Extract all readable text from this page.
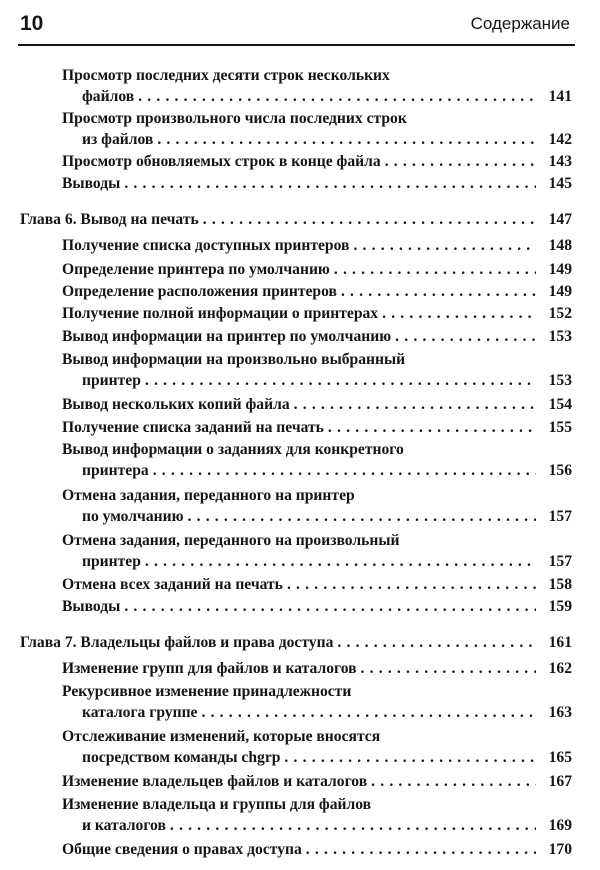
10	Содержание
Просмотр последних десяти строк нескольких
файлов .....	141
Просмотр произвольного числа последних строк
из файлов .....	142
Просмотр обновляемых строк в конце файла .....	143
Выводы .....	145
Глава 6. Вывод на печать .....	147
Получение списка доступных принтеров .....	148
Определение принтера по умолчанию .....	149
Определение расположения принтеров .....	149
Получение полной информации о принтерах .....	152
Вывод информации на принтер по умолчанию .....	153
Вывод информации на произвольно выбранный
принтер .....	153
Вывод нескольких копий файла .....	154
Получение списка заданий на печать .....	155
Вывод информации о заданиях для конкретного
принтера .....	156
Отмена задания, переданного на принтер
по умолчанию .....	157
Отмена задания, переданного на произвольный
принтер .....	157
Отмена всех заданий на печать .....	158
Выводы .....	159
Глава 7. Владельцы файлов и права доступа .....	161
Изменение групп для файлов и каталогов .....	162
Рекурсивное изменение принадлежности
каталога группе .....	163
Отслеживание изменений, которые вносятся
посредством команды chgrp .....	165
Изменение владельцев файлов и каталогов .....	167
Изменение владельца и группы для файлов
и каталогов .....	169
Общие сведения о правах доступа .....	170
